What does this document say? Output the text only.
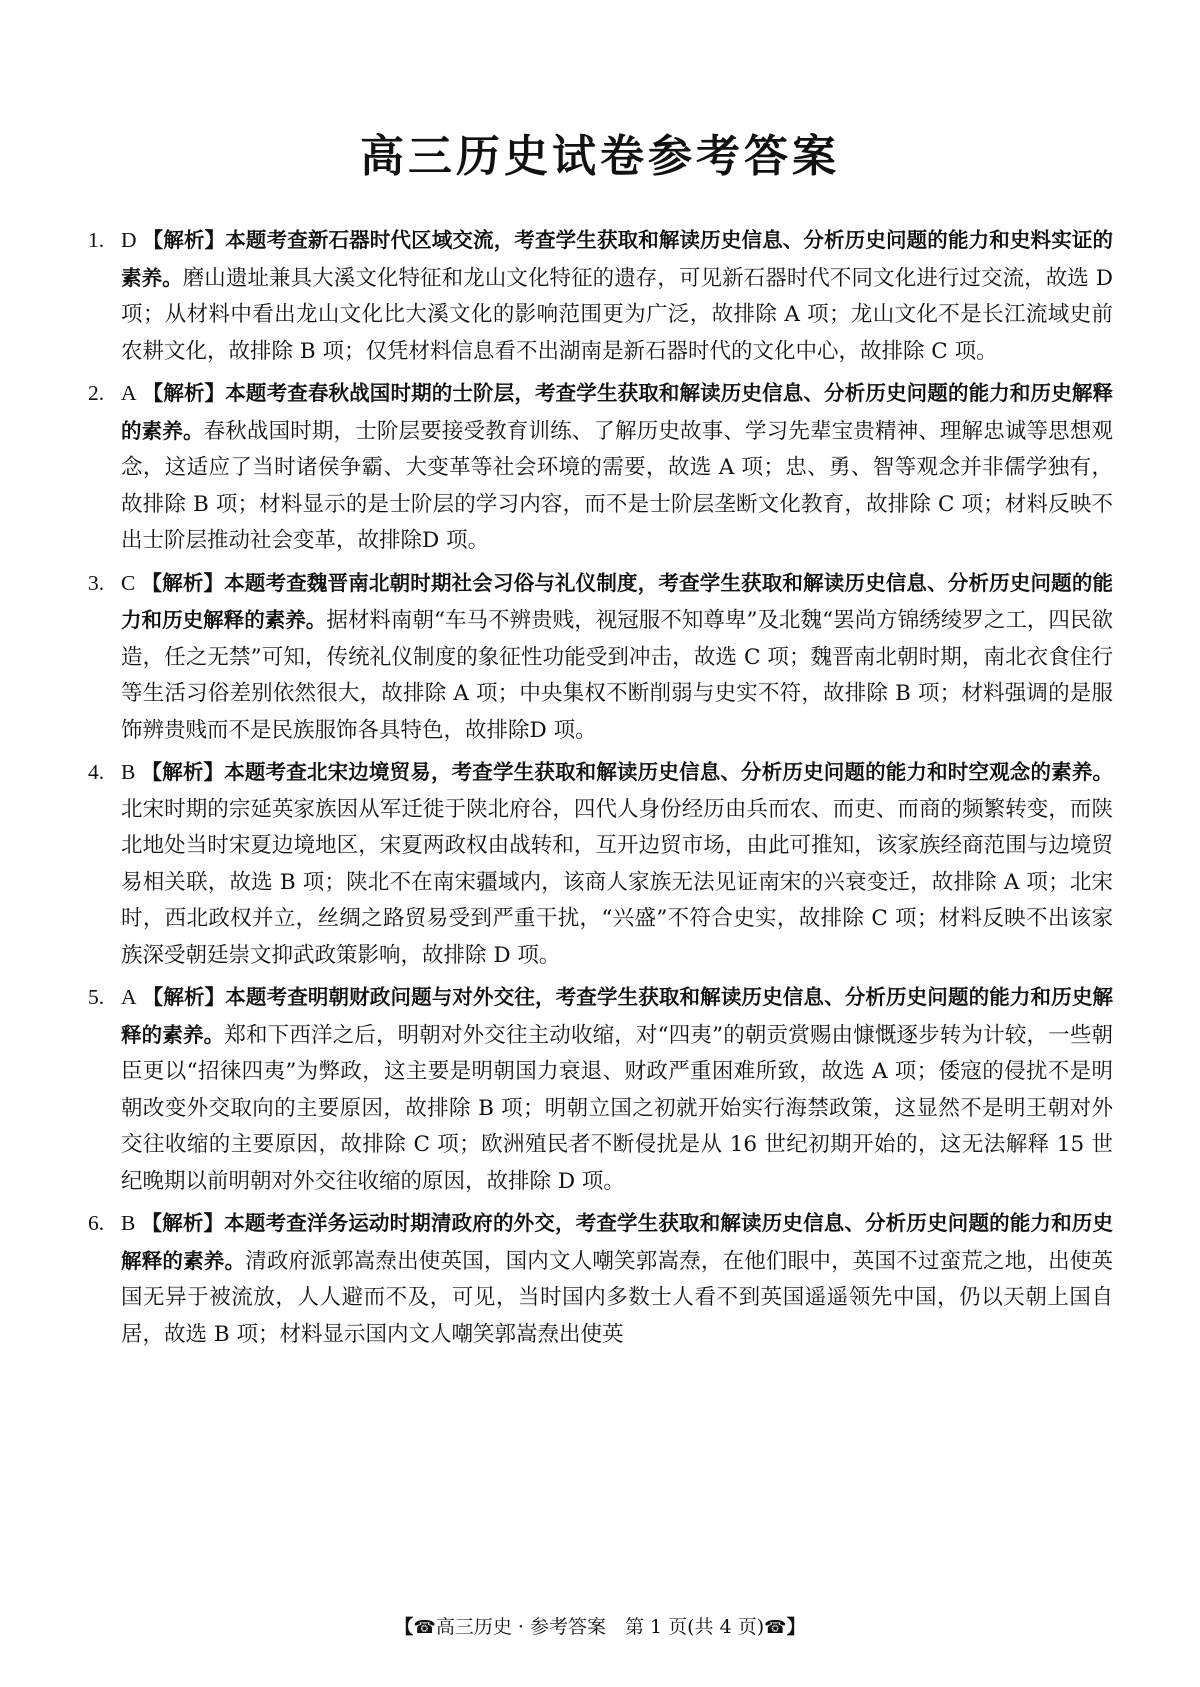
高三历史试卷参考答案
1. D 【解析】本题考查新石器时代区域交流，考查学生获取和解读历史信息、分析历史问题的能力和史料实证的素养。磨山遗址兼具大溪文化特征和龙山文化特征的遗存，可见新石器时代不同文化进行过交流，故选 D 项；从材料中看出龙山文化比大溪文化的影响范围更为广泛，故排除 A 项；龙山文化不是长江流域史前农耕文化，故排除 B 项；仅凭材料信息看不出湖南是新石器时代的文化中心，故排除 C 项。
2. A 【解析】本题考查春秋战国时期的士阶层，考查学生获取和解读历史信息、分析历史问题的能力和历史解释的素养。春秋战国时期，士阶层要接受教育训练、了解历史故事、学习先辈宝贵精神、理解忠诚等思想观念，这适应了当时诸侯争霸、大变革等社会环境的需要，故选 A 项；忠、勇、智等观念并非儒学独有，故排除 B 项；材料显示的是士阶层的学习内容，而不是士阶层垄断文化教育，故排除 C 项；材料反映不出士阶层推动社会变革，故排除D 项。
3. C 【解析】本题考查魏晋南北朝时期社会习俗与礼仪制度，考查学生获取和解读历史信息、分析历史问题的能力和历史解释的素养。据材料南朝“车马不辨贵贱，视冠服不知尊卑”及北魏“罢尚方锦绣绫罗之工，四民欲造，任之无禁”可知，传统礼仪制度的象征性功能受到冲击，故选 C 项；魏晋南北朝时期，南北衣食住行等生活习俗差别依然很大，故排除 A 项；中央集权不断削弱与史实不符，故排除 B 项；材料强调的是服饰辨贵贱而不是民族服饰各具特色，故排除D 项。
4. B 【解析】本题考查北宋边境贸易，考查学生获取和解读历史信息、分析历史问题的能力和时空观念的素养。北宋时期的宗延英家族因从军迁徙于陕北府谷，四代人身份经历由兵而农、而吏、而商的频繁转变，而陕北地处当时宋夏边境地区，宋夏两政权由战转和，互开边贸市场，由此可推知，该家族经商范围与边境贸易相关联，故选 B 项；陕北不在南宋疆域内，该商人家族无法见证南宋的兴衰变迁，故排除 A 项；北宋时，西北政权并立，丝绸之路贸易受到严重干扰，“兴盛”不符合史实，故排除 C 项；材料反映不出该家族深受朝廷崇文抑武政策影响，故排除 D 项。
5. A 【解析】本题考查明朝财政问题与对外交往，考查学生获取和解读历史信息、分析历史问题的能力和历史解释的素养。郑和下西洋之后，明朝对外交往主动收缩，对“四夷”的朝贡赏赐由慷慨逐步转为计较，一些朝臣更以“招徕四夷”为弊政，这主要是明朝国力衰退、财政严重困难所致，故选 A 项；倭寇的侵扰不是明朝改变外交取向的主要原因，故排除 B 项；明朝立国之初就开始实行海禁政策，这显然不是明王朝对外交往收缩的主要原因，故排除 C 项；欧洲殖民者不断侵扰是从 16 世纪初期开始的，这无法解释 15 世纪晚期以前明朝对外交往收缩的原因，故排除 D 项。
6. B 【解析】本题考查洋务运动时期清政府的外交，考查学生获取和解读历史信息、分析历史问题的能力和历史解释的素养。清政府派郭嵩焘出使英国，国内文人嘲笑郭嵩焘，在他们眼中，英国不过蛮荒之地，出使英国无异于被流放，人人避而不及，可见，当时国内多数士人看不到英国遥遥领先中国，仍以天朝上国自居，故选 B 项；材料显示国内文人嘲笑郭嵩焘出使英
【☎高三历史 · 参考答案　第 1 页(共 4 页)☎】
